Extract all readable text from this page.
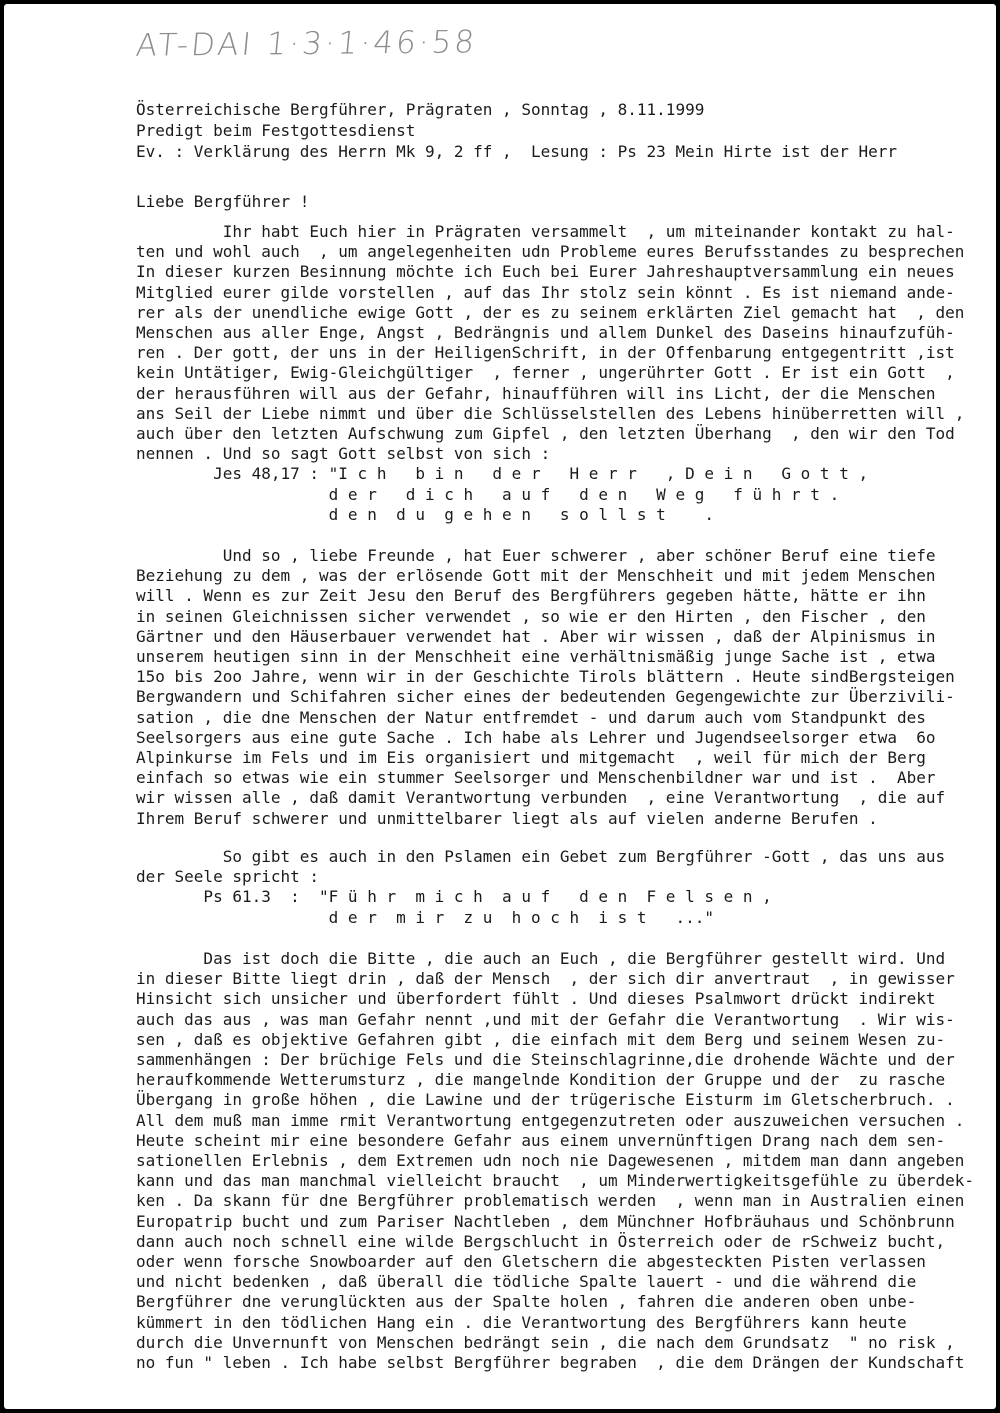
AT-DAI 1·3·1·46·58
Österreichische Bergführer, Prägraten , Sonntag , 8.11.1999
Predigt beim Festgottesdienst
Ev. : Verklärung des Herrn Mk 9, 2 ff ,  Lesung : Ps 23 Mein Hirte ist der Herr
Liebe Bergführer !
Ihr habt Euch hier in Prägraten versammelt  , um miteinander kontakt zu hal-
ten und wohl auch  , um angelegenheiten udn Probleme eures Berufsstandes zu besprechen
In dieser kurzen Besinnung möchte ich Euch bei Eurer Jahreshauptversammlung ein neues
Mitglied eurer gilde vorstellen , auf das Ihr stolz sein könnt . Es ist niemand ande-
rer als der unendliche ewige Gott , der es zu seinem erklärten Ziel gemacht hat  , den
Menschen aus aller Enge, Angst , Bedrängnis und allem Dunkel des Daseins hinaufzufüh-
ren . Der gott, der uns in der HeiligenSchrift, in der Offenbarung entgegentritt ,ist
kein Untätiger, Ewig-Gleichgültiger  , ferner , ungerührter Gott . Er ist ein Gott  ,
der herausführen will aus der Gefahr, hinaufführen will ins Licht, der die Menschen
ans Seil der Liebe nimmt und über die Schlüsselstellen des Lebens hinüberretten will ,
auch über den letzten Aufschwung zum Gipfel , den letzten Überhang  , den wir den Tod
nennen . Und so sagt Gott selbst von sich :
Jes 48,17 : "I c h   b i n   d e r   H e r r   , D e i n   G o t t ,
d e r   d i c h   a u f   d e n   W e g   f ü h r t .
d e n  d u  g e h e n   s o l l s t    .
Und so , liebe Freunde , hat Euer schwerer , aber schöner Beruf eine tiefe
Beziehung zu dem , was der erlösende Gott mit der Menschheit und mit jedem Menschen
will . Wenn es zur Zeit Jesu den Beruf des Bergführers gegeben hätte, hätte er ihn
in seinen Gleichnissen sicher verwendet , so wie er den Hirten , den Fischer , den
Gärtner und den Häuserbauer verwendet hat . Aber wir wissen , daß der Alpinismus in
unserem heutigen sinn in der Menschheit eine verhältnismäßig junge Sache ist , etwa
15o bis 2oo Jahre, wenn wir in der Geschichte Tirols blättern . Heute sindBergsteigen
Bergwandern und Schifahren sicher eines der bedeutenden Gegengewichte zur Überzivili-
sation , die dne Menschen der Natur entfremdet - und darum auch vom Standpunkt des
Seelsorgers aus eine gute Sache . Ich habe als Lehrer und Jugendseelsorger etwa  6o
Alpinkurse im Fels und im Eis organisiert und mitgemacht  , weil für mich der Berg
einfach so etwas wie ein stummer Seelsorger und Menschenbildner war und ist .  Aber
wir wissen alle , daß damit Verantwortung verbunden  , eine Verantwortung  , die auf
Ihrem Beruf schwerer und unmittelbarer liegt als auf vielen anderne Berufen .
So gibt es auch in den Pslamen ein Gebet zum Bergführer -Gott , das uns aus
der Seele spricht :
Ps 61.3  :  "F ü h r  m i c h  a u f   d e n  F e l s e n ,
d e r  m i r  z u  h o c h  i s t   ..."
Das ist doch die Bitte , die auch an Euch , die Bergführer gestellt wird. Und
in dieser Bitte liegt drin , daß der Mensch  , der sich dir anvertraut  , in gewisser
Hinsicht sich unsicher und überfordert fühlt . Und dieses Psalmwort drückt indirekt
auch das aus , was man Gefahr nennt ,und mit der Gefahr die Verantwortung  . Wir wis-
sen , daß es objektive Gefahren gibt , die einfach mit dem Berg und seinem Wesen zu-
sammenhängen : Der brüchige Fels und die Steinschlagrinne,die drohende Wächte und der
heraufkommende Wetterumsturz , die mangelnde Kondition der Gruppe und der  zu rasche
Übergang in große höhen , die Lawine und der trügerische Eisturm im Gletscherbruch. .
All dem muß man imme rmit Verantwortung entgegenzutreten oder auszuweichen versuchen .
Heute scheint mir eine besondere Gefahr aus einem unvernünftigen Drang nach dem sen-
sationellen Erlebnis , dem Extremen udn noch nie Dagewesenen , mitdem man dann angeben
kann und das man manchmal vielleicht braucht  , um Minderwertigkeitsgefühle zu überdek-
ken . Da skann für dne Bergführer problematisch werden  , wenn man in Australien einen
Europatrip bucht und zum Pariser Nachtleben , dem Münchner Hofbräuhaus und Schönbrunn
dann auch noch schnell eine wilde Bergschlucht in Österreich oder de rSchweiz bucht,
oder wenn forsche Snowboarder auf den Gletschern die abgesteckten Pisten verlassen
und nicht bedenken , daß überall die tödliche Spalte lauert - und die während die
Bergführer dne verunglückten aus der Spalte holen , fahren die anderen oben unbe-
kümmert in den tödlichen Hang ein . die Verantwortung des Bergführers kann heute
durch die Unvernunft von Menschen bedrängt sein , die nach dem Grundsatz  " no risk ,
no fun " leben . Ich habe selbst Bergführer begraben  , die dem Drängen der Kundschaft
